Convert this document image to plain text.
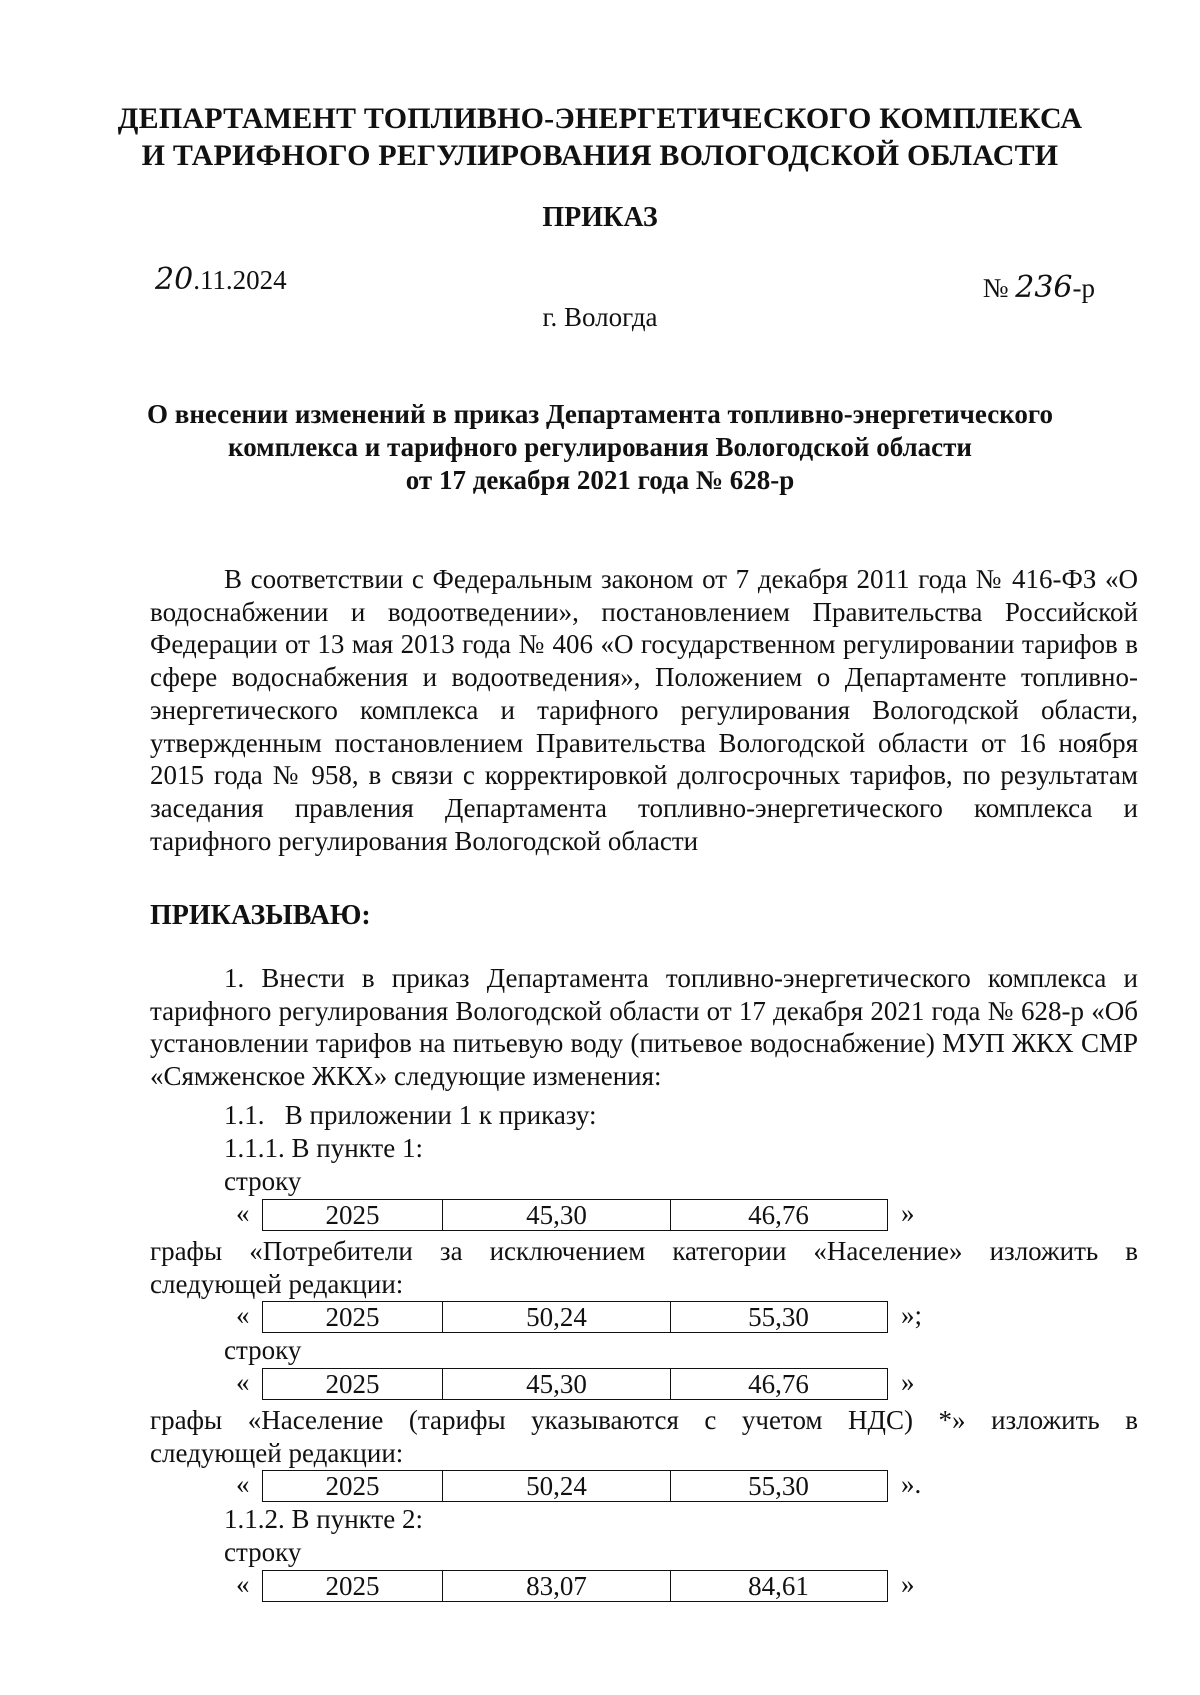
ДЕПАРТАМЕНТ ТОПЛИВНО-ЭНЕРГЕТИЧЕСКОГО КОМПЛЕКСА
И ТАРИФНОГО РЕГУЛИРОВАНИЯ ВОЛОГОДСКОЙ ОБЛАСТИ
ПРИКАЗ
20.11.2024	№ 236-р
г. Вологда
О внесении изменений в приказ Департамента топливно-энергетического
комплекса и тарифного регулирования Вологодской области
от 17 декабря 2021 года № 628-р
В соответствии с Федеральным законом от 7 декабря 2011 года № 416-ФЗ «О водоснабжении и водоотведении», постановлением Правительства Российской Федерации от 13 мая 2013 года № 406 «О государственном регулировании тарифов в сфере водоснабжения и водоотведения», Положением о Департаменте топливно-энергетического комплекса и тарифного регулирования Вологодской области, утвержденным постановлением Правительства Вологодской области от 16 ноября 2015 года № 958, в связи с корректировкой долгосрочных тарифов, по результатам заседания правления Департамента топливно-энергетического комплекса и тарифного регулирования Вологодской области
ПРИКАЗЫВАЮ:
1. Внести в приказ Департамента топливно-энергетического комплекса и тарифного регулирования Вологодской области от 17 декабря 2021 года № 628-р «Об установлении тарифов на питьевую воду (питьевое водоснабжение) МУП ЖКХ СМР «Сямженское ЖКХ» следующие изменения:
1.1.   В приложении 1 к приказу:
1.1.1. В пункте 1:
строку
«	2025	45,30	46,76	»
графы «Потребители за исключением категории «Население» изложить в
следующей редакции:
«	2025	50,24	55,30	»;
строку
«	2025	45,30	46,76	»
графы «Население (тарифы указываются с учетом НДС) *» изложить в
следующей редакции:
«	2025	50,24	55,30	».
1.1.2. В пункте 2:
строку
«	2025	83,07	84,61	»
